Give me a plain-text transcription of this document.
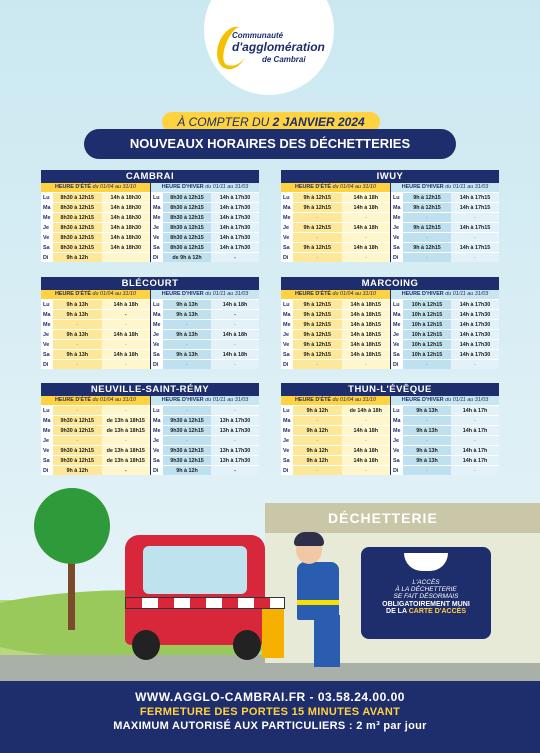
Communauté
d'agglomération
de Cambrai
À COMPTER DU 2 JANVIER 2024
NOUVEAUX HORAIRES DES DÉCHETTERIES
CAMBRAI
HEURE D'ÉTÉ du 01/04 au 31/10
Lu	8h30 à 12h15	14h à 18h30
Ma	8h30 à 12h15	14h à 18h30
Me	8h30 à 12h15	14h à 18h30
Je	8h30 à 12h15	14h à 18h30
Ve	8h30 à 12h15	14h à 18h30
Sa	8h30 à 12h15	14h à 18h30
Di	9h à 12h
HEURE D'HIVER du 01/11 au 31/03
Lu	8h30 à 12h15	14h à 17h30
Ma	8h30 à 12h15	14h à 17h30
Me	8h30 à 12h15	14h à 17h30
Je	8h30 à 12h15	14h à 17h30
Ve	8h30 à 12h15	14h à 17h30
Sa	8h30 à 12h15	14h à 17h30
Di	de 9h à 12h	-
IWUY
HEURE D'ÉTÉ du 01/04 au 31/10
Lu	9h à 12h15	14h à 18h
Ma	9h à 12h15	14h à 18h
Me	-	-
Je	9h à 12h15	14h à 18h
Ve	-	-
Sa	9h à 12h15	14h à 18h
Di	-	-
HEURE D'HIVER du 01/11 au 31/03
Lu	9h à 12h15	14h à 17h15
Ma	9h à 12h15	14h à 17h15
Me	-	-
Je	9h à 12h15	14h à 17h15
Ve	-	-
Sa	9h à 12h15	14h à 17h15
Di	-	-
BLÉCOURT
HEURE D'ÉTÉ du 01/04 au 31/10
Lu	9h à 13h	14h à 18h
Ma	9h à 13h	-
Me	-	-
Je	9h à 13h	14h à 18h
Ve	-	-
Sa	9h à 13h	14h à 18h
Di	-	-
HEURE D'HIVER du 01/11 au 31/03
Lu	9h à 13h	14h à 18h
Ma	9h à 13h	-
Me	-	-
Je	9h à 13h	14h à 18h
Ve	-	-
Sa	9h à 13h	14h à 18h
Di	-	-
MARCOING
HEURE D'ÉTÉ du 01/04 au 31/10
Lu	9h à 12h15	14h à 18h15
Ma	9h à 12h15	14h à 18h15
Me	9h à 12h15	14h à 18h15
Je	9h à 12h15	14h à 18h15
Ve	9h à 12h15	14h à 18h15
Sa	9h à 12h15	14h à 18h15
Di	-	-
HEURE D'HIVER du 01/11 au 31/03
Lu	10h à 12h15	14h à 17h30
Ma	10h à 12h15	14h à 17h30
Me	10h à 12h15	14h à 17h30
Je	10h à 12h15	14h à 17h30
Ve	10h à 12h15	14h à 17h30
Sa	10h à 12h15	14h à 17h30
Di	-	-
NEUVILLE-SAINT-RÉMY
HEURE D'ÉTÉ du 01/04 au 31/10
Lu	-	-
Ma	9h30 à 12h15	de 13h à 18h15
Me	9h30 à 12h15	de 13h à 18h15
Je	-	-
Ve	9h30 à 12h15	de 13h à 18h15
Sa	9h30 à 12h15	de 13h à 18h15
Di	9h à 12h	-
HEURE D'HIVER du 01/11 au 31/03
Lu	-	-
Ma	9h30 à 12h15	13h à 17h30
Me	9h30 à 12h15	13h à 17h30
Je	-	-
Ve	9h30 à 12h15	13h à 17h30
Sa	9h30 à 12h15	13h à 17h30
Di	9h à 12h	-
THUN-L'ÉVÊQUE
HEURE D'ÉTÉ du 01/04 au 31/10
Lu	9h à 12h	de 14h à 18h
Ma	-	-
Me	9h à 12h	14h à 18h
Je	-	-
Ve	9h à 12h	14h à 18h
Sa	9h à 12h	14h à 18h
Di	-	-
HEURE D'HIVER du 01/11 au 31/03
Lu	9h à 13h	14h à 17h
Ma	-	-
Me	9h à 13h	14h à 17h
Je	-	-
Ve	9h à 13h	14h à 17h
Sa	9h à 13h	14h à 17h
Di	-	-
DÉCHETTERIE
L'ACCÈS
À LA DÉCHETTERIE
SE FAIT DÉSORMAIS
OBLIGATOIREMENT MUNI
DE LA CARTE D'ACCÈS
WWW.AGGLO-CAMBRAI.FR - 03.58.24.00.00
FERMETURE DES PORTES 15 MINUTES AVANT
MAXIMUM AUTORISÉ AUX PARTICULIERS : 2 m³ par jour
